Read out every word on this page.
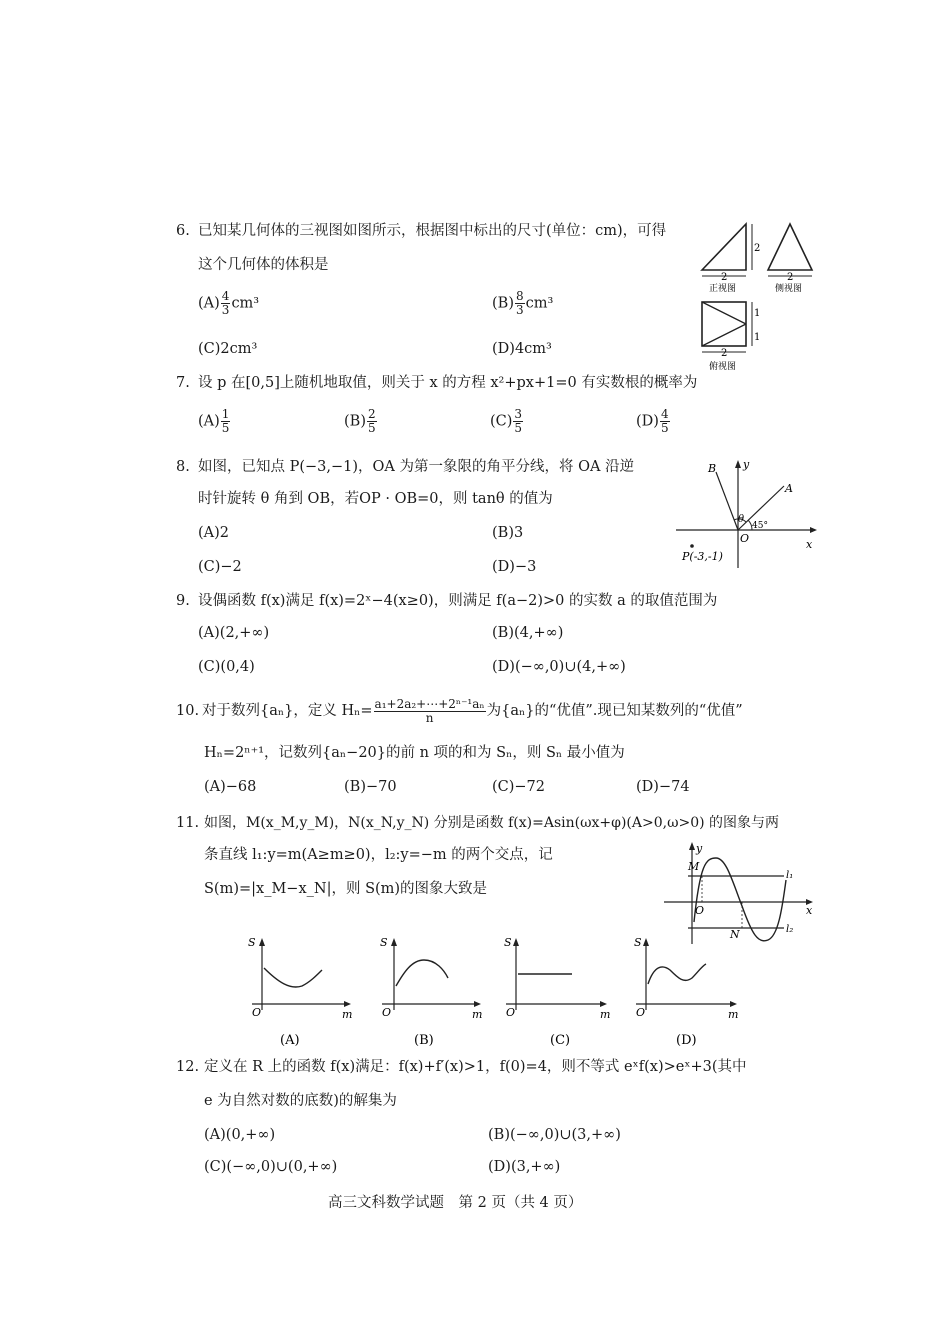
6. 已知某几何体的三视图如图所示，根据图中标出的尺寸(单位：cm)，可得
这个几何体的体积是
$(A) \frac{4}{3} cm^3$	$(B) \frac{8}{3} cm^3$
(C)2cm³	(D)4cm³
2
2
正视图
2
侧视图
1
1
2
俯视图
7. 设 p 在[0,5]上随机地取值，则关于 x 的方程 x²+px+1=0 有实数根的概率为
$(A) \frac{1}{5}$	$(B) \frac{2}{5}$	$(C) \frac{3}{5}$	$(D) \frac{4}{5}$
8. 如图，已知点 P(−3,−1)，OA 为第一象限的角平分线，将 OA 沿逆
时针旋转 θ 角到 OB，若OP · OB=0，则 tanθ 的值为
(A)2	(B)3
(C)−2	(D)−3
B y
A
θ
45°
O	x
P(-3,-1)
9. 设偶函数 f(x)满足 f(x)=2ˣ−4(x≥0)，则满足 f(a−2)>0 的实数 a 的取值范围为
(A)(2,+∞)	(B)(4,+∞)
(C)(0,4)	(D)(−∞,0)∪(4,+∞)
10. 对于数列{aₙ}，定义 $H_n= \frac{\text{a₁+2a₂+⋯+2ⁿ⁻¹aₙ}}{n}$ 为{aₙ}的“优值”.现已知某数列的“优值”
Hₙ=2ⁿ⁺¹，记数列{aₙ−20}的前 n 项的和为 Sₙ，则 Sₙ 最小值为
(A)−68	(B)−70	(C)−72	(D)−74
11. 如图，M(x_M,y_M)，N(x_N,y_N) 分别是函数 f(x)=Asin(ωx+φ)(A>0,ω>0) 的图象与两
条直线 l₁:y=m(A≥m≥0)，l₂:y=−m 的两个交点，记
S(m)=|x_M−x_N|，则 S(m)的图象大致是
y
M
l₁
O	x
N	l₂
S
O	m
(A)
S
O	m
(B)
S
O	m
(C)
S
O	m
(D)
12. 定义在 R 上的函数 f(x)满足：f(x)+f′(x)>1，f(0)=4，则不等式 eˣf(x)>eˣ+3(其中
e 为自然对数的底数)的解集为
(A)(0,+∞)	(B)(−∞,0)∪(3,+∞)
(C)(−∞,0)∪(0,+∞)	(D)(3,+∞)
高三文科数学试题　第 2 页（共 4 页）
